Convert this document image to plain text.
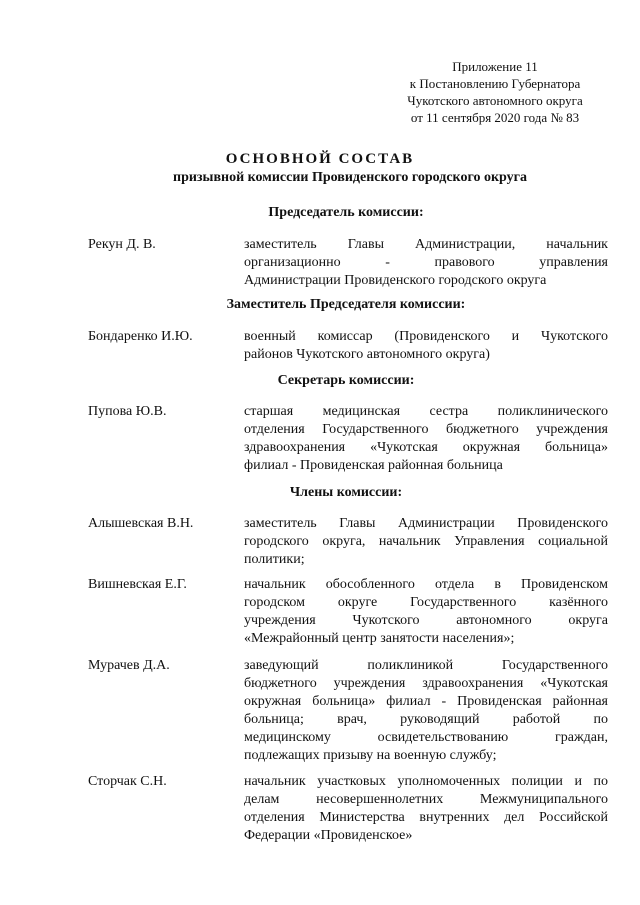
Приложение 11
к Постановлению Губернатора
Чукотского автономного округа
от 11 сентября 2020 года № 83
ОСНОВНОЙ СОСТАВ
призывной комиссии Провиденского городского округа
Председатель комиссии:
Рекун Д. В.	заместитель Главы Администрации, начальник
организационно - правового управления
Администрации Провиденского городского округа
Заместитель Председателя комиссии:
Бондаренко И.Ю.	военный комиссар (Провиденского и Чукотского
районов Чукотского автономного округа)
Секретарь комиссии:
Пупова Ю.В.	старшая медицинская сестра поликлинического
отделения Государственного бюджетного учреждения
здравоохранения «Чукотская окружная больница»
филиал - Провиденская районная больница
Члены комиссии:
Алышевская В.Н.	заместитель Главы Администрации Провиденского
городского округа, начальник Управления социальной
политики;
Вишневская Е.Г.	начальник обособленного отдела в Провиденском
городском округе Государственного казённого
учреждения Чукотского автономного округа
«Межрайонный центр занятости населения»;
Мурачев Д.А.	заведующий поликлиникой Государственного
бюджетного учреждения здравоохранения «Чукотская
окружная больница» филиал - Провиденская районная
больница; врач, руководящий работой по
медицинскому освидетельствованию граждан,
подлежащих призыву на военную службу;
Сторчак С.Н.	начальник участковых уполномоченных полиции и по
делам несовершеннолетних Межмуниципального
отделения Министерства внутренних дел Российской
Федерации «Провиденское»
